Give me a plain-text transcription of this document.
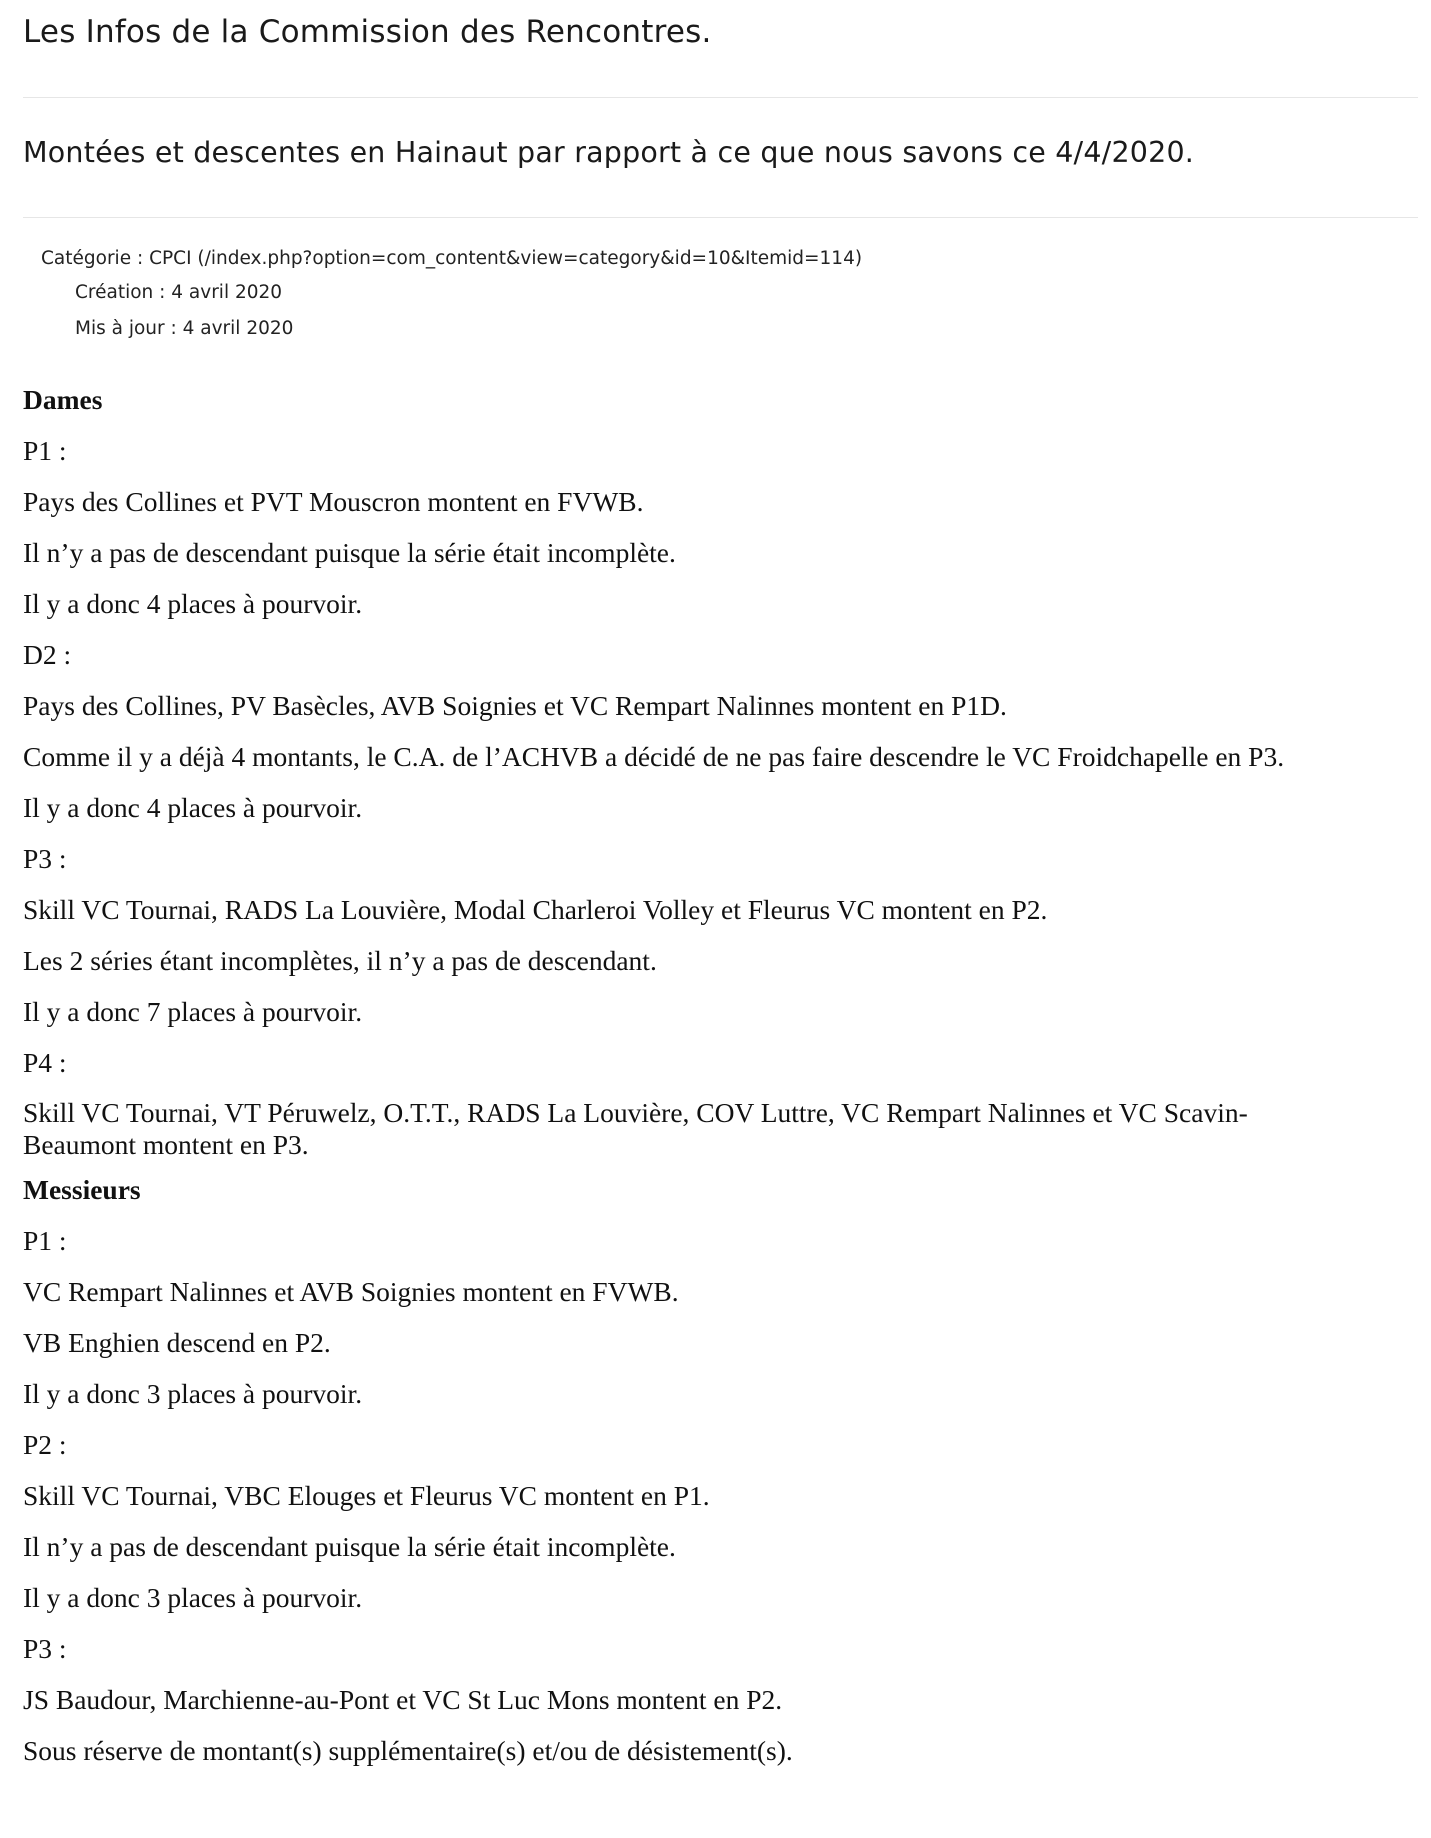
Les Infos de la Commission des Rencontres.
Montées et descentes en Hainaut par rapport à ce que nous savons ce 4/4/2020.
Catégorie : CPCI (/index.php?option=com_content&view=category&id=10&Itemid=114)
Création : 4 avril 2020
Mis à jour : 4 avril 2020

Dames

P1 :

Pays des Collines et PVT Mouscron montent en FVWB.

Il n’y a pas de descendant puisque la série était incomplète.

Il y a donc 4 places à pourvoir.

D2 :

Pays des Collines, PV Basècles, AVB Soignies et VC Rempart Nalinnes montent en P1D.

Comme il y a déjà 4 montants, le C.A. de l’ACHVB a décidé de ne pas faire descendre le VC Froidchapelle en P3.

Il y a donc 4 places à pourvoir.

P3 :

Skill VC Tournai, RADS La Louvière, Modal Charleroi Volley et Fleurus VC montent en P2.

Les 2 séries étant incomplètes, il n’y a pas de descendant.

Il y a donc 7 places à pourvoir.

P4 :

Skill VC Tournai, VT Péruwelz, O.T.T., RADS La Louvière, COV Luttre, VC Rempart Nalinnes et VC Scavin-
Beaumont montent en P3.

Messieurs

P1 :

VC Rempart Nalinnes et AVB Soignies montent en FVWB.

VB Enghien descend en P2.

Il y a donc 3 places à pourvoir.

P2 :

Skill VC Tournai, VBC Elouges et Fleurus VC montent en P1.

Il n’y a pas de descendant puisque la série était incomplète.

Il y a donc 3 places à pourvoir.

P3 :

JS Baudour, Marchienne-au-Pont et VC St Luc Mons montent en P2.

Sous réserve de montant(s) supplémentaire(s) et/ou de désistement(s).
